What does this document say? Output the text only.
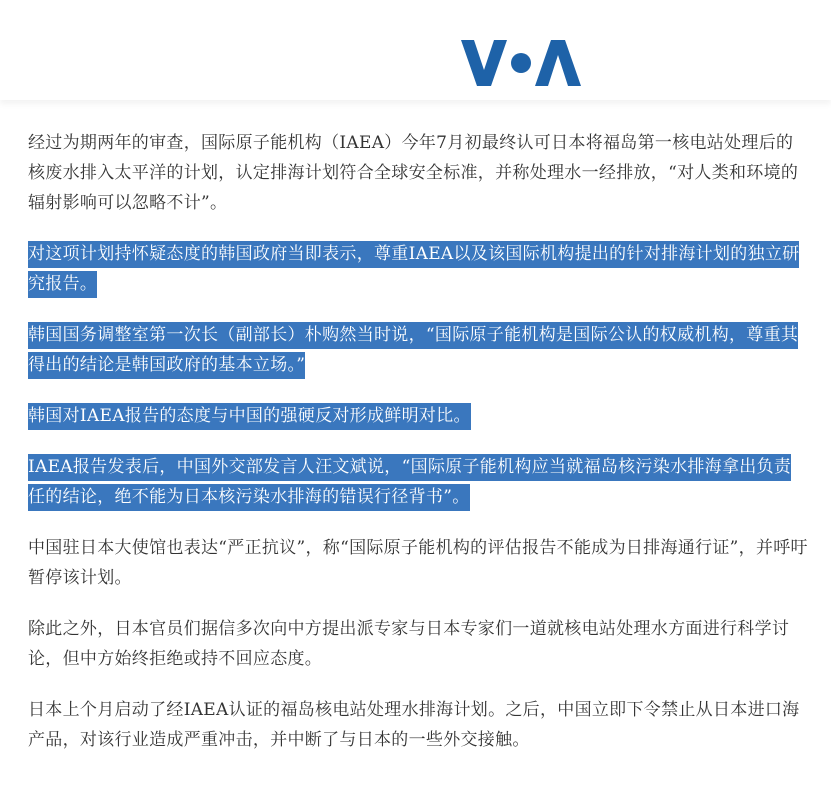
经过为期两年的审查，国际原子能机构（IAEA）今年7月初最终认可日本将福岛第一核电站处理后的核废水排入太平洋的计划，认定排海计划符合全球安全标准，并称处理水一经排放，“对人类和环境的辐射影响可以忽略不计”。

对这项计划持怀疑态度的韩国政府当即表示，尊重IAEA以及该国际机构提出的针对排海计划的独立研究报告。

韩国国务调整室第一次长（副部长）朴购然当时说，“国际原子能机构是国际公认的权威机构，尊重其得出的结论是韩国政府的基本立场。”

韩国对IAEA报告的态度与中国的强硬反对形成鲜明对比。

IAEA报告发表后，中国外交部发言人汪文斌说，“国际原子能机构应当就福岛核污染水排海拿出负责任的结论，绝不能为日本核污染水排海的错误行径背书”。

中国驻日本大使馆也表达“严正抗议”，称“国际原子能机构的评估报告不能成为日排海通行证”，并呼吁暂停该计划。

除此之外，日本官员们据信多次向中方提出派专家与日本专家们一道就核电站处理水方面进行科学讨论，但中方始终拒绝或持不回应态度。

日本上个月启动了经IAEA认证的福岛核电站处理水排海计划。之后，中国立即下令禁止从日本进口海产品，对该行业造成严重冲击，并中断了与日本的一些外交接触。
